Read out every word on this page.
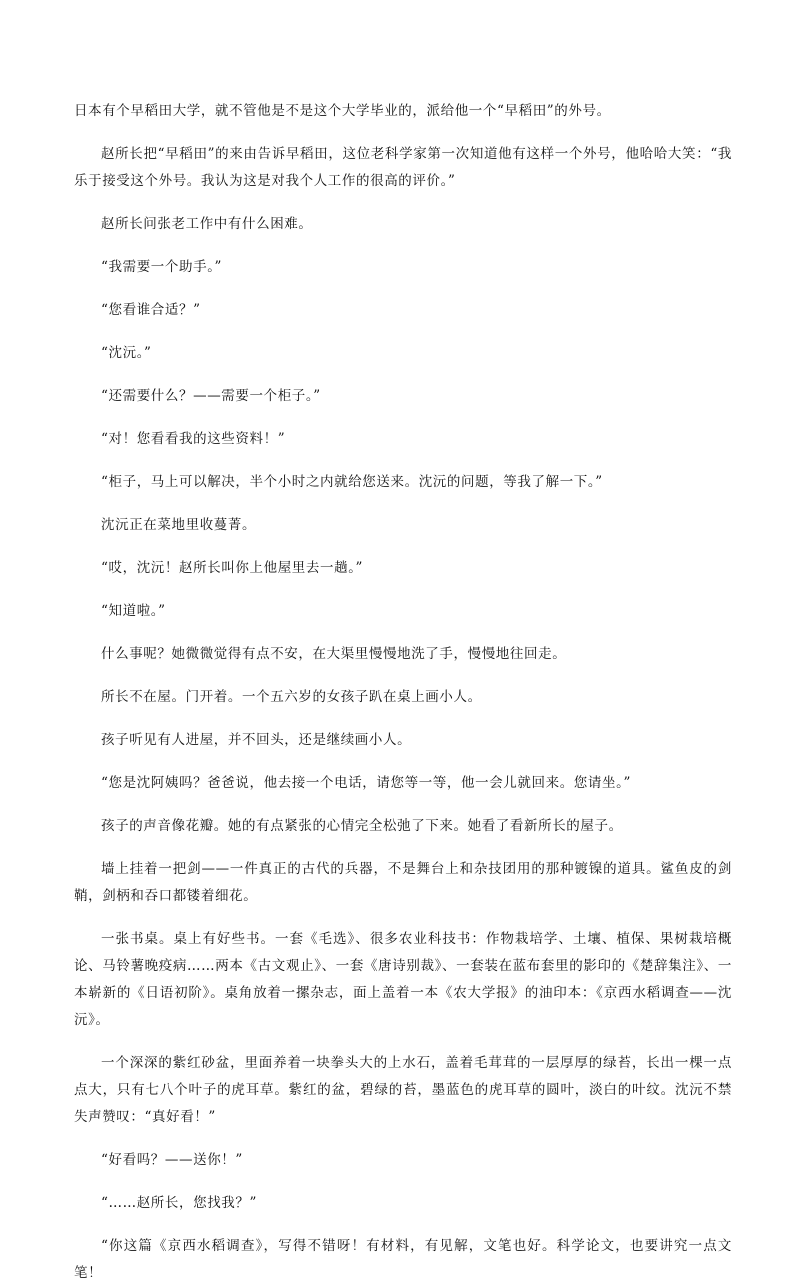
日本有个早稻田大学，就不管他是不是这个大学毕业的，派给他一个“早稻田”的外号。

赵所长把“早稻田”的来由告诉早稻田，这位老科学家第一次知道他有这样一个外号，他哈哈大笑：“我乐于接受这个外号。我认为这是对我个人工作的很高的评价。”

赵所长问张老工作中有什么困难。

“我需要一个助手。”

“您看谁合适？”

“沈沅。”

“还需要什么？——需要一个柜子。”

“对！您看看我的这些资料！”

“柜子，马上可以解决，半个小时之内就给您送来。沈沅的问题，等我了解一下。”

沈沅正在菜地里收蔓菁。

“哎，沈沅！赵所长叫你上他屋里去一趟。”

“知道啦。”

什么事呢？她微微觉得有点不安，在大渠里慢慢地洗了手，慢慢地往回走。

所长不在屋。门开着。一个五六岁的女孩子趴在桌上画小人。

孩子听见有人进屋，并不回头，还是继续画小人。

“您是沈阿姨吗？爸爸说，他去接一个电话，请您等一等，他一会儿就回来。您请坐。”

孩子的声音像花瓣。她的有点紧张的心情完全松弛了下来。她看了看新所长的屋子。

墙上挂着一把剑——一件真正的古代的兵器，不是舞台上和杂技团用的那种镀镍的道具。鲨鱼皮的剑鞘，剑柄和吞口都镂着细花。

一张书桌。桌上有好些书。一套《毛选》、很多农业科技书：作物栽培学、土壤、植保、果树栽培概论、马铃薯晚疫病……两本《古文观止》、一套《唐诗别裁》、一套装在蓝布套里的影印的《楚辞集注》、一本崭新的《日语初阶》。桌角放着一摞杂志，面上盖着一本《农大学报》的油印本：《京西水稻调查——沈沅》。

一个深深的紫红砂盆，里面养着一块拳头大的上水石，盖着毛茸茸的一层厚厚的绿苔，长出一棵一点点大，只有七八个叶子的虎耳草。紫红的盆，碧绿的苔，墨蓝色的虎耳草的圆叶，淡白的叶纹。沈沅不禁失声赞叹：“真好看！”

“好看吗？——送你！”

“……赵所长，您找我？”

“你这篇《京西水稻调查》，写得不错呀！有材料，有见解，文笔也好。科学论文，也要讲究一点文笔！
